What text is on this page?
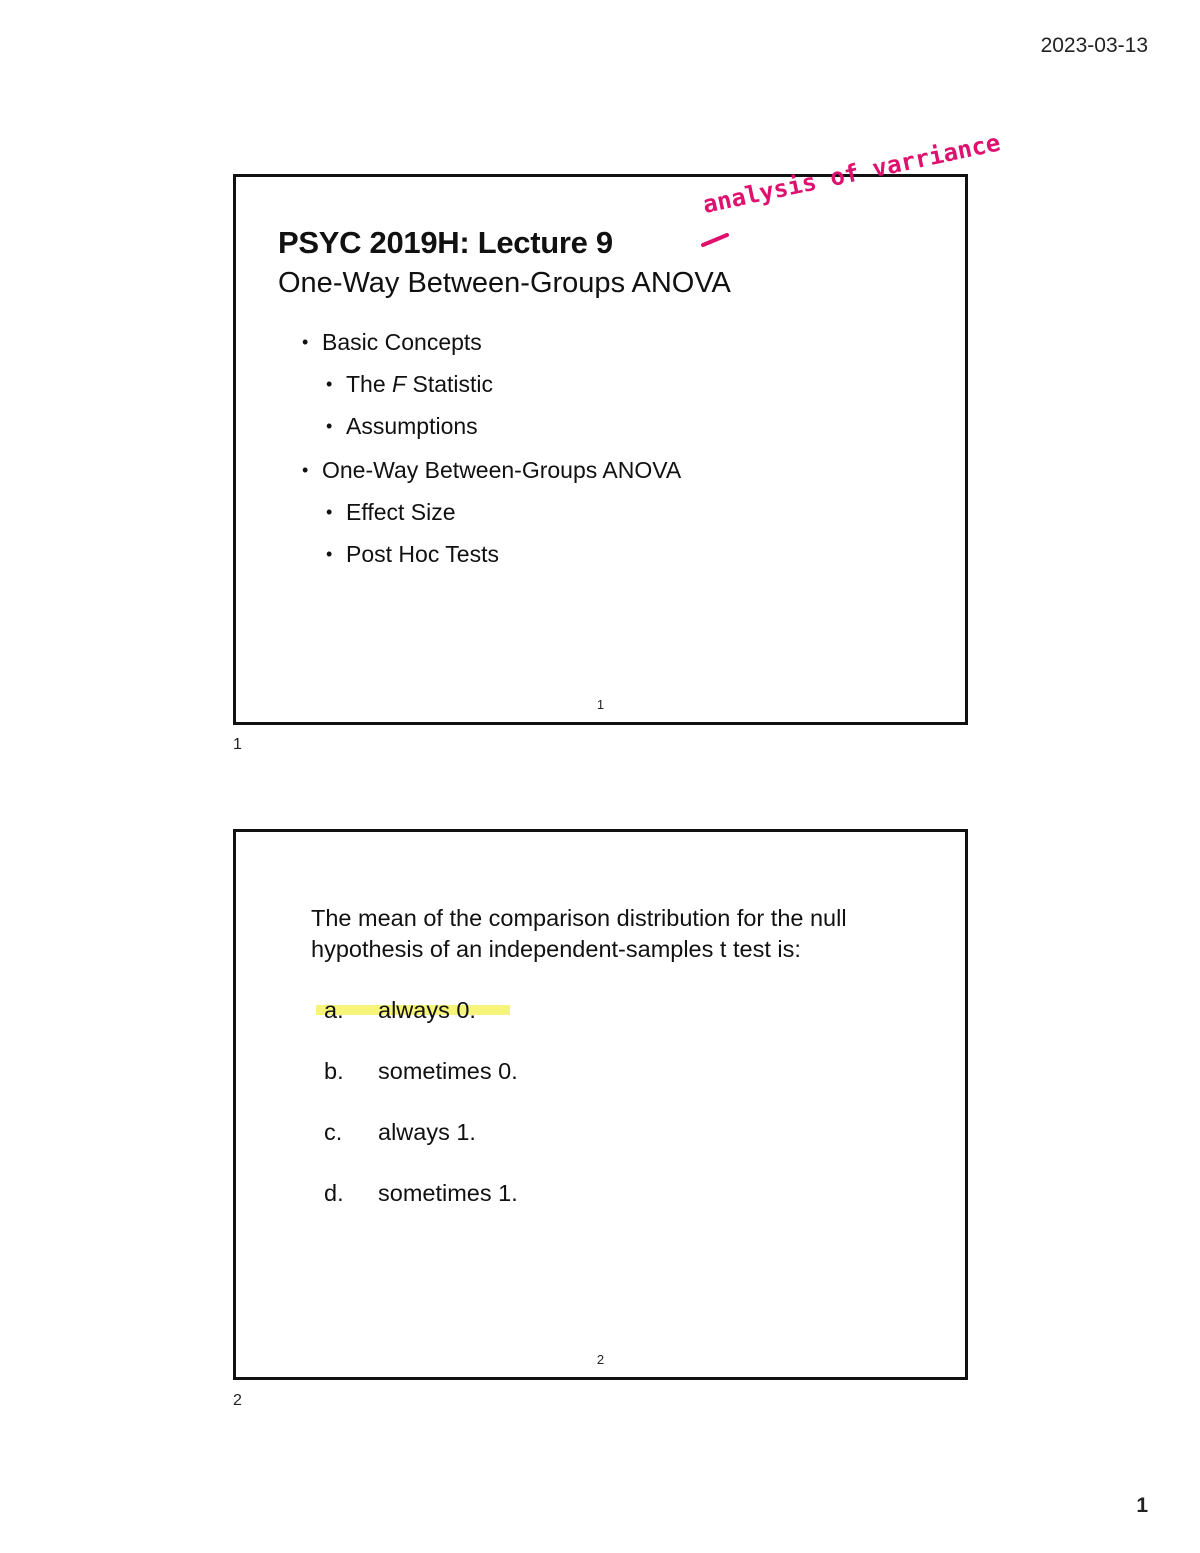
2023-03-13
PSYC 2019H: Lecture 9
One-Way Between-Groups ANOVA
analysis of varriance
• Basic Concepts
• The F Statistic
• Assumptions
• One-Way Between-Groups ANOVA
• Effect Size
• Post Hoc Tests
1
1
The mean of the comparison distribution for the null hypothesis of an independent-samples t test is:
a.	always 0.
b.	sometimes 0.
c.	always 1.
d.	sometimes 1.
2
2
1
